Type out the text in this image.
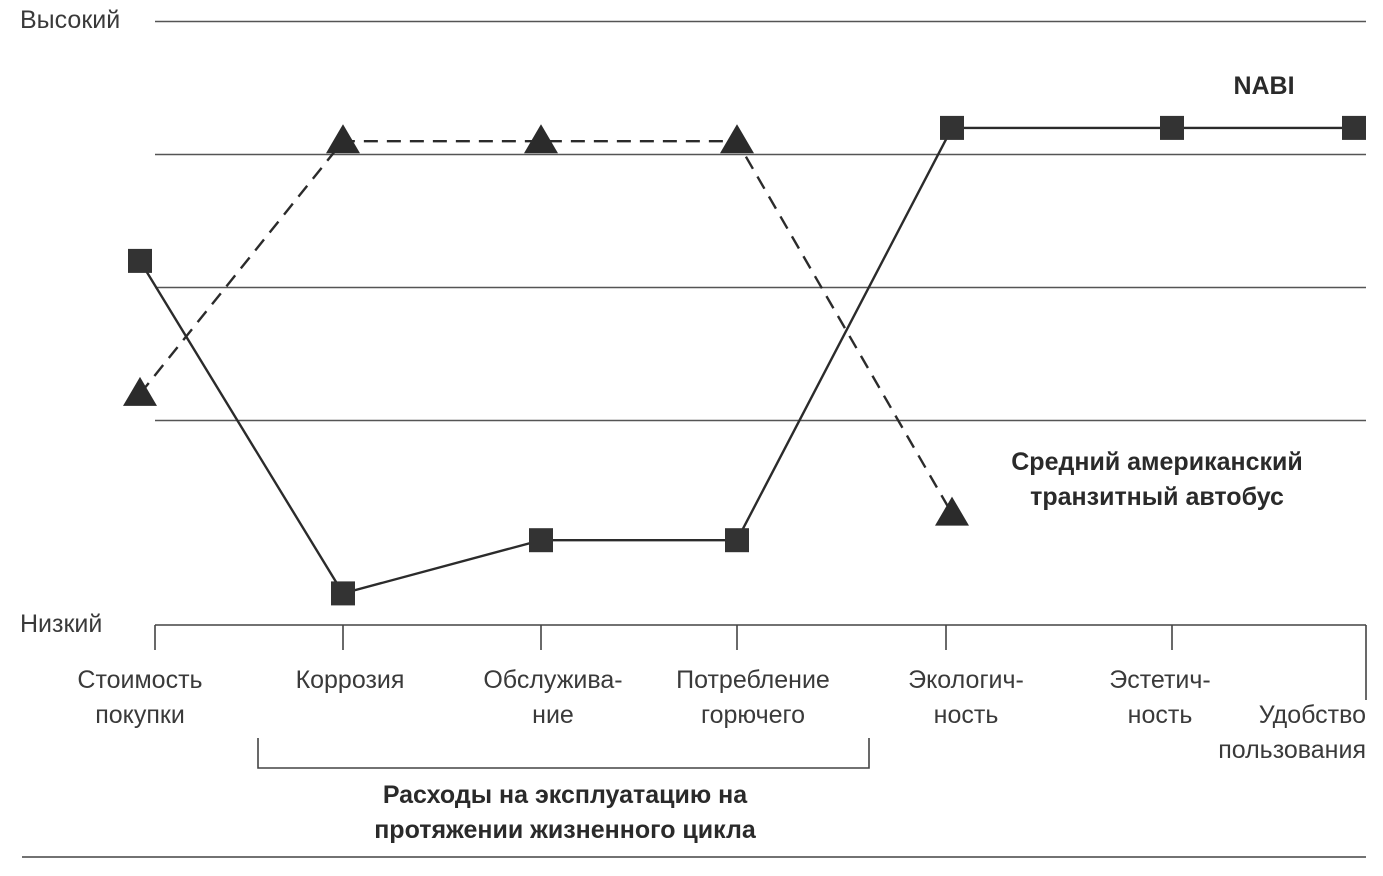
Стоимость покупки
Коррозия	Обслужива-ние
Потребление горючего
Экологич-ность
Эстетич-ность	Удобство пользования
Высокий
Низкий
Расходы на эксплуатацию на протяжении жизненного цикла
NABI
Средний американский транзитный автобус
